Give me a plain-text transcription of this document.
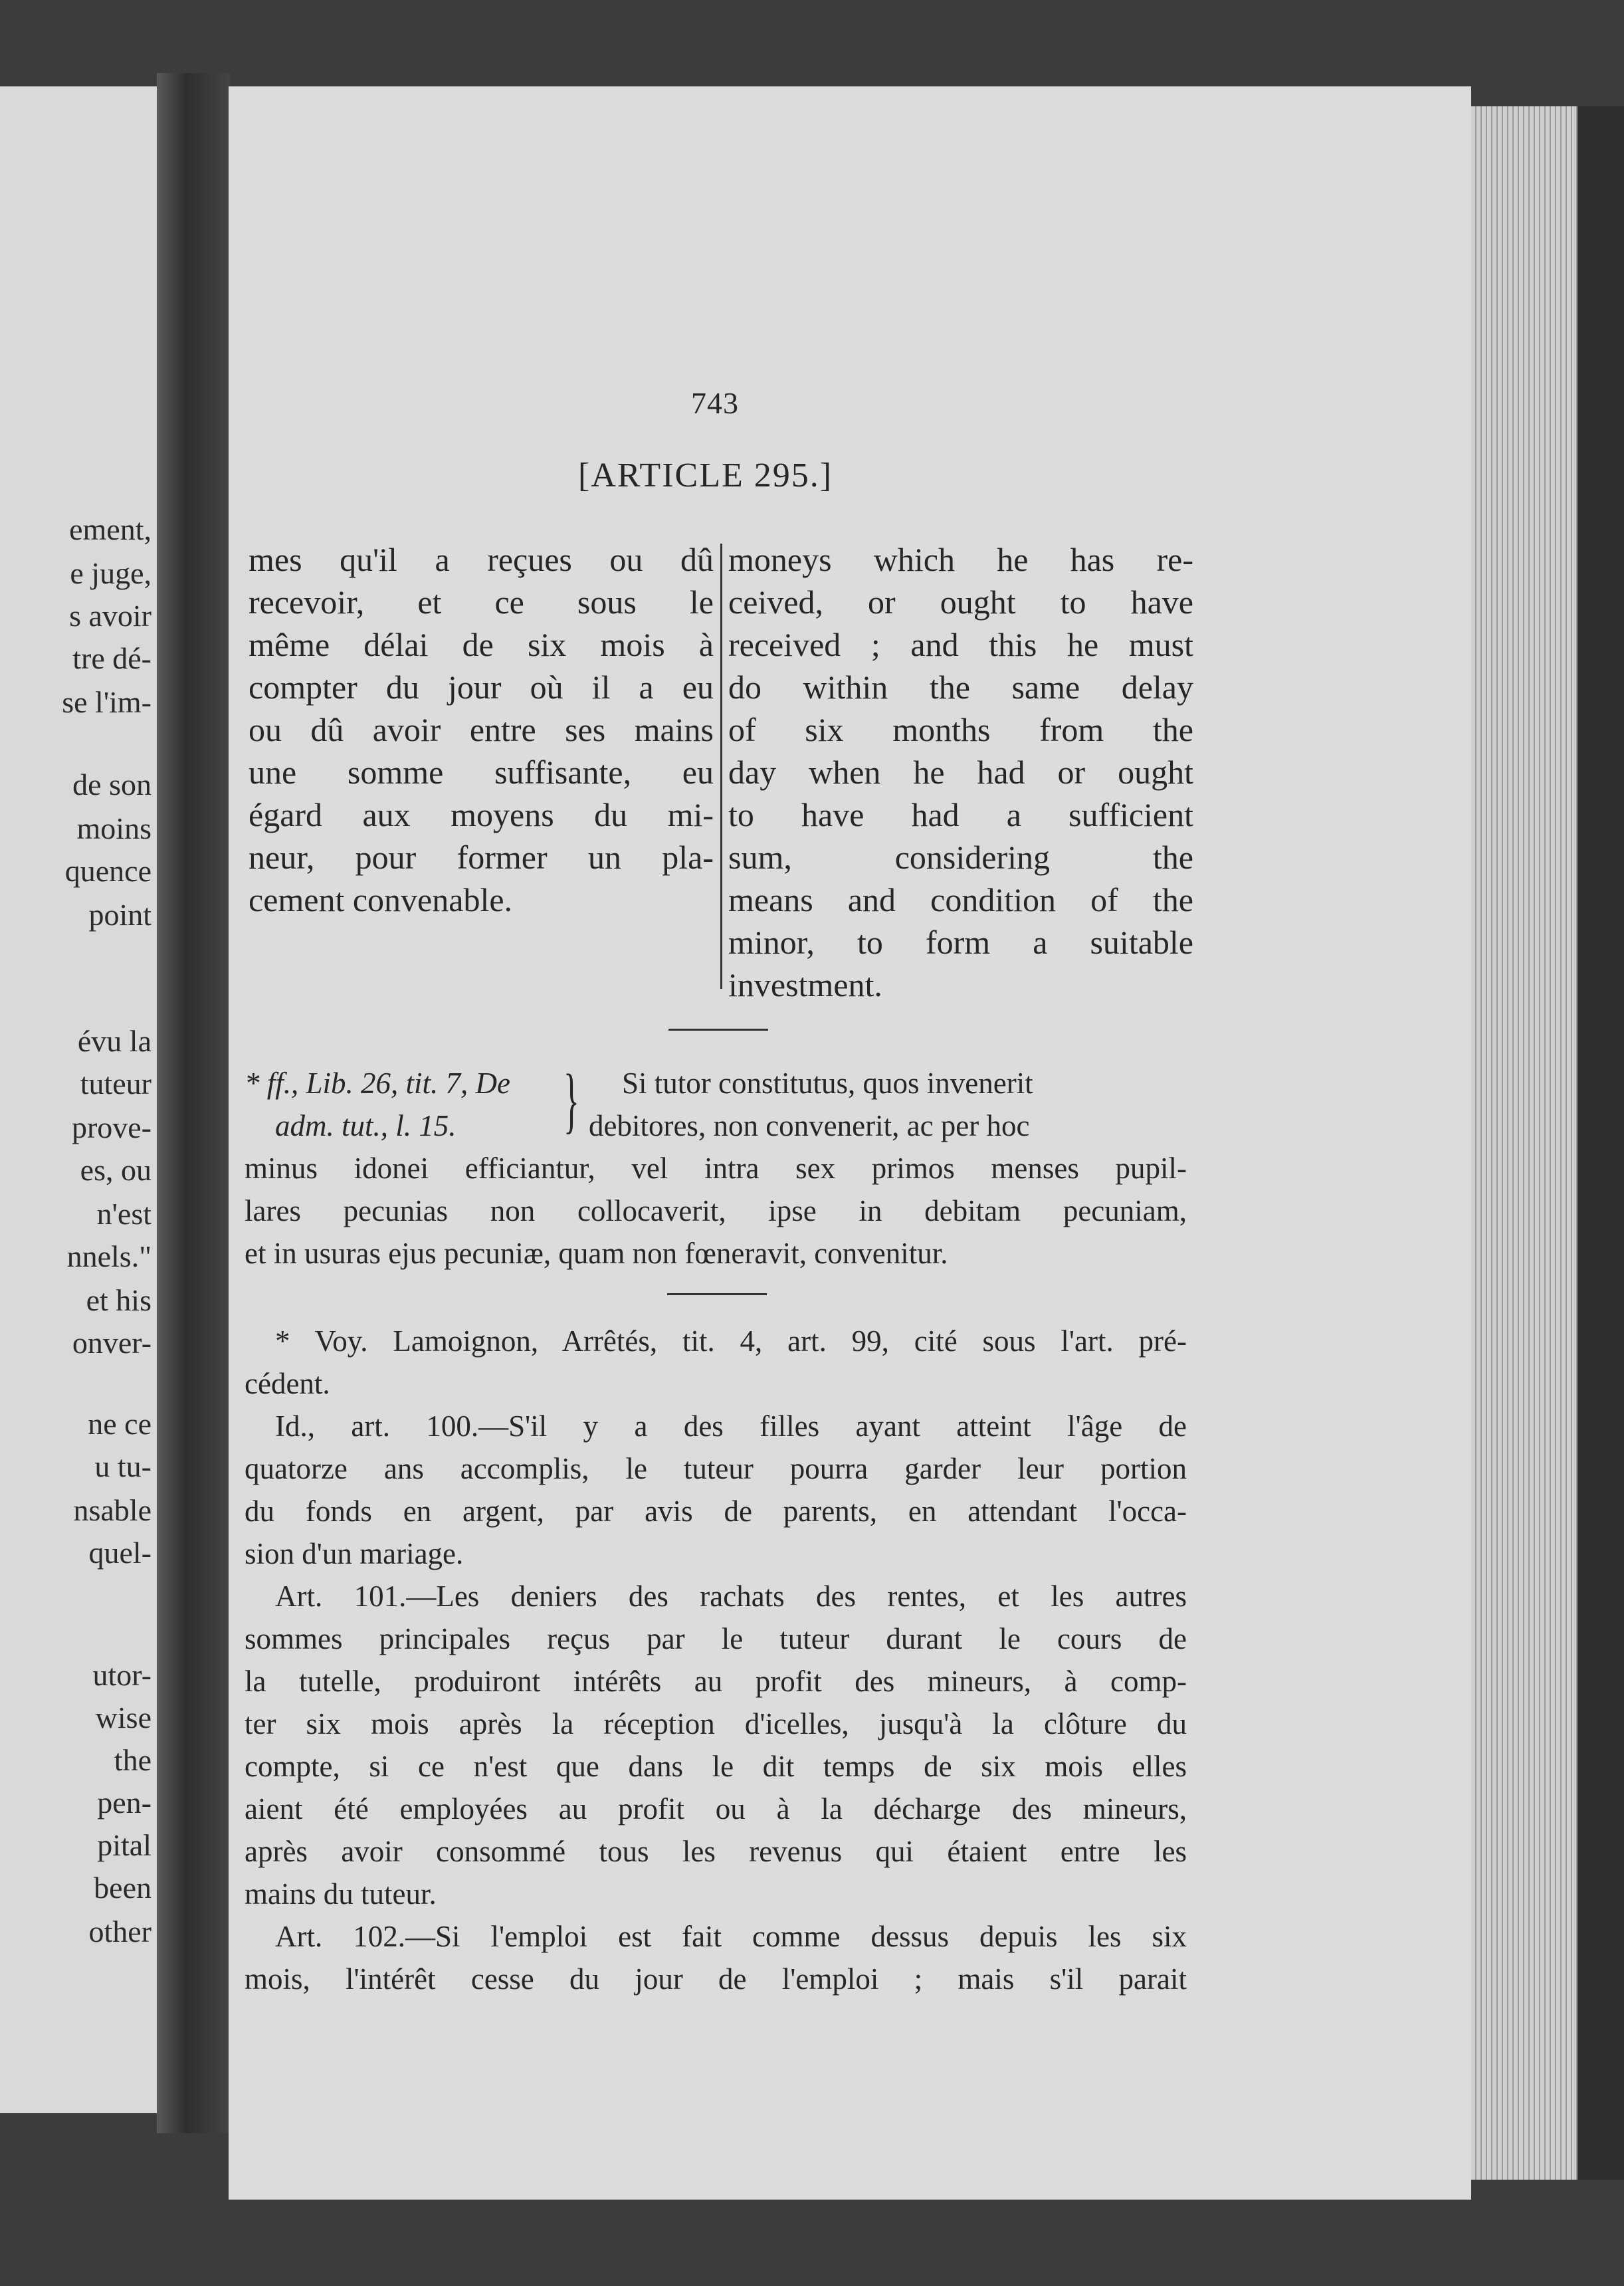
ement,
e juge,
s avoir
tre dé-
se l'im-
de son
moins
quence
point
évu la
tuteur
prove-
es, ou
n'est
nnels."
et his
onver-
ne ce
u tu-
nsable
quel-
utor-
wise
the
pen-
pital
been
other
743
[ARTICLE 295.]
mes qu'il a reçues ou dû
recevoir, et ce sous le
même délai de six mois à
compter du jour où il a eu
ou dû avoir entre ses mains
une somme suffisante, eu
égard aux moyens du mi-
neur, pour former un pla-
cement convenable.
moneys which he has re-
ceived, or ought to have
received ; and this he must
do within the same delay
of six months from the
day when he had or ought
to have had a sufficient
sum, considering the
means and condition of the
minor, to form a suitable
investment.
* ff., Lib. 26, tit. 7, De
adm. tut., l. 15. } Si tutor constitutus, quos invenerit
debitores, non convenerit, ac per hoc
minus idonei efficiantur, vel intra sex primos menses pupil-
lares pecunias non collocaverit, ipse in debitam pecuniam,
et in usuras ejus pecuniæ, quam non fœneravit, convenitur.
* Voy. Lamoignon, Arrêtés, tit. 4, art. 99, cité sous l'art. pré-
cédent.
Id., art. 100.—S'il y a des filles ayant atteint l'âge de
quatorze ans accomplis, le tuteur pourra garder leur portion
du fonds en argent, par avis de parents, en attendant l'occa-
sion d'un mariage.
Art. 101.—Les deniers des rachats des rentes, et les autres
sommes principales reçus par le tuteur durant le cours de
la tutelle, produiront intérêts au profit des mineurs, à comp-
ter six mois après la réception d'icelles, jusqu'à la clôture du
compte, si ce n'est que dans le dit temps de six mois elles
aient été employées au profit ou à la décharge des mineurs,
après avoir consommé tous les revenus qui étaient entre les
mains du tuteur.
Art. 102.—Si l'emploi est fait comme dessus depuis les six
mois, l'intérêt cesse du jour de l'emploi ; mais s'il parait
